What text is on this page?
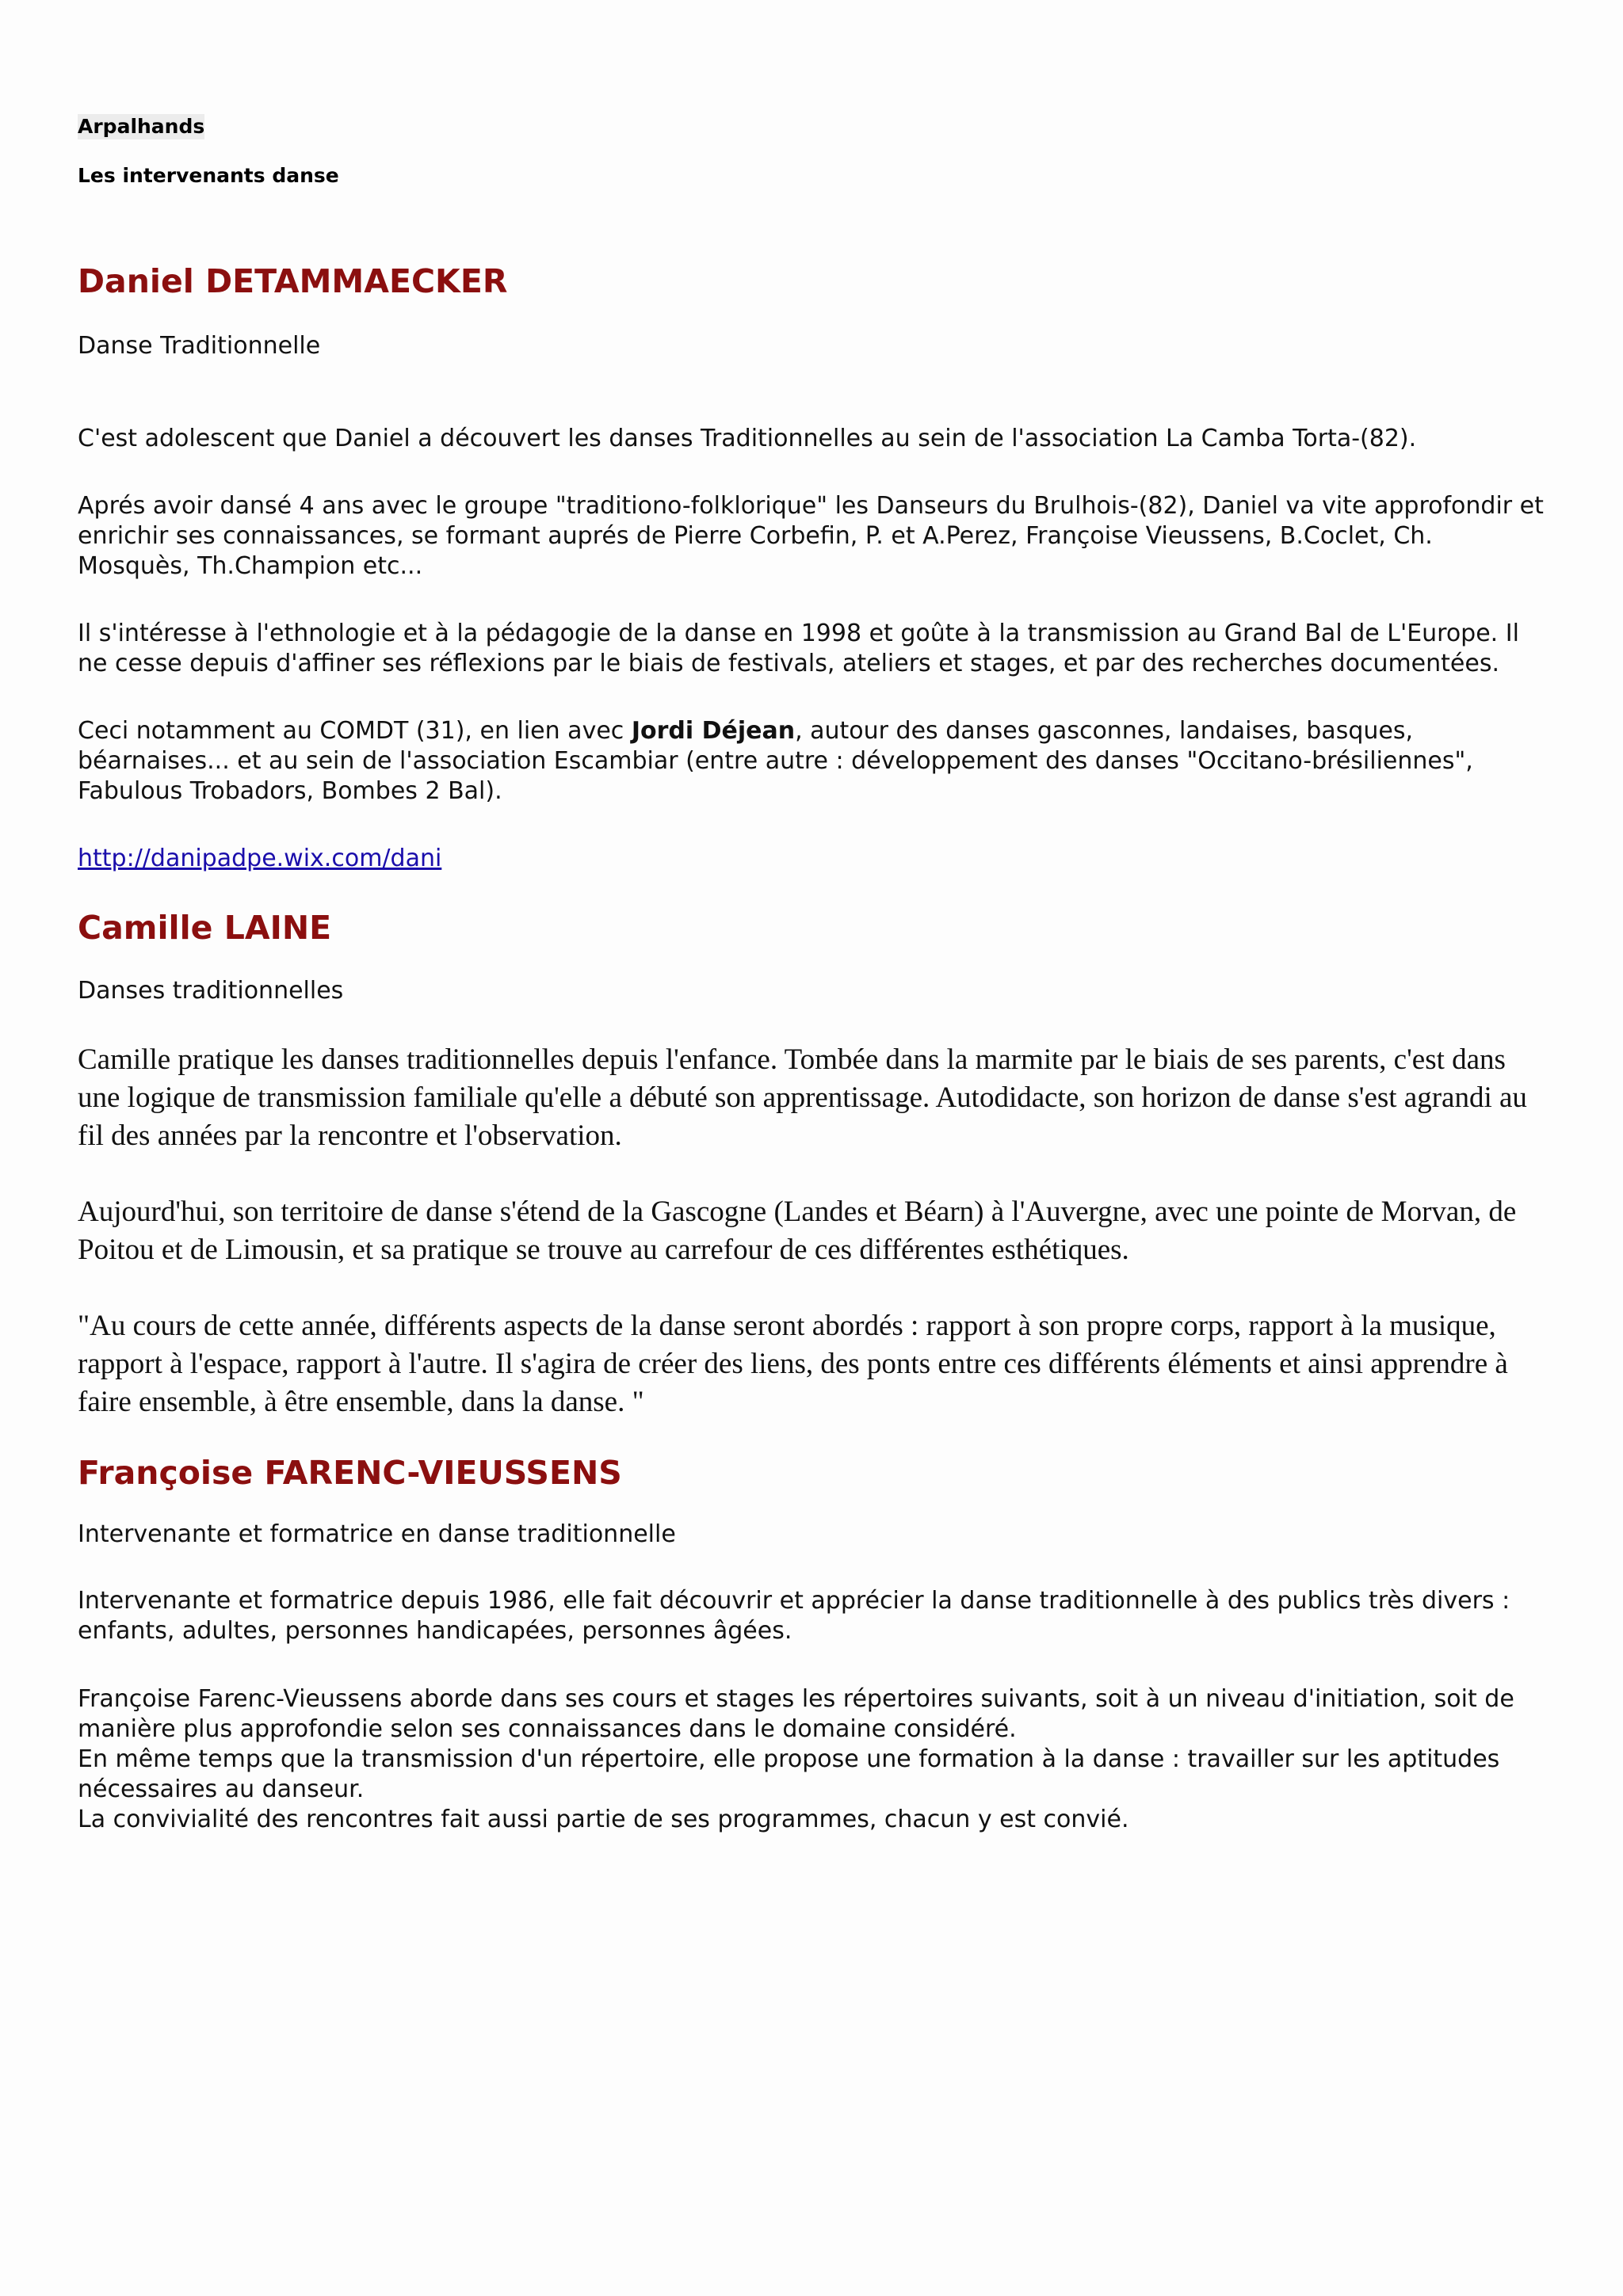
Arpalhands
Les intervenants danse
Daniel DETAMMAECKER
Danse Traditionnelle

C'est adolescent que Daniel a découvert les danses Traditionnelles au sein de l'association La Camba Torta-(82).

Aprés avoir dansé 4 ans avec le groupe "traditiono-folklorique" les Danseurs du Brulhois-(82), Daniel va vite approfondir et enrichir ses connaissances, se formant auprés de Pierre Corbefin, P. et A.Perez, Françoise Vieussens, B.Coclet, Ch. Mosquès, Th.Champion etc...

Il s'intéresse à l'ethnologie et à la pédagogie de la danse en 1998 et goûte à la transmission au Grand Bal de L'Europe. Il ne cesse depuis d'affiner ses réflexions par le biais de festivals, ateliers et stages, et par des recherches documentées.

Ceci notamment au COMDT (31), en lien avec Jordi Déjean, autour des danses gasconnes, landaises, basques, béarnaises... et au sein de l'association Escambiar (entre autre : développement des danses "Occitano-brésiliennes", Fabulous Trobadors, Bombes 2 Bal).

http://danipadpe.wix.com/dani

Camille LAINE
Danses traditionnelles

Camille pratique les danses traditionnelles depuis l'enfance. Tombée dans la marmite par le biais de ses parents, c'est dans une logique de transmission familiale qu'elle a débuté son apprentissage. Autodidacte, son horizon de danse s'est agrandi au fil des années par la rencontre et l'observation.

Aujourd'hui, son territoire de danse s'étend de la Gascogne (Landes et Béarn) à l'Auvergne, avec une pointe de Morvan, de Poitou et de Limousin, et sa pratique se trouve au carrefour de ces différentes esthétiques.

"Au cours de cette année, différents aspects de la danse seront abordés : rapport à son propre corps, rapport à la musique, rapport à l'espace, rapport à l'autre. Il s'agira de créer des liens, des ponts entre ces différents éléments et ainsi apprendre à faire ensemble, à être ensemble, dans la danse. "

Françoise FARENC-VIEUSSENS
Intervenante et formatrice en danse traditionnelle

Intervenante et formatrice depuis 1986, elle fait découvrir et apprécier la danse traditionnelle à des publics très divers : enfants, adultes, personnes handicapées, personnes âgées.

Françoise Farenc-Vieussens aborde dans ses cours et stages les répertoires suivants, soit à un niveau d'initiation, soit de manière plus approfondie selon ses connaissances dans le domaine considéré.

En même temps que la transmission d'un répertoire, elle propose une formation à la danse : travailler sur les aptitudes nécessaires au danseur.

La convivialité des rencontres fait aussi partie de ses programmes, chacun y est convié.
